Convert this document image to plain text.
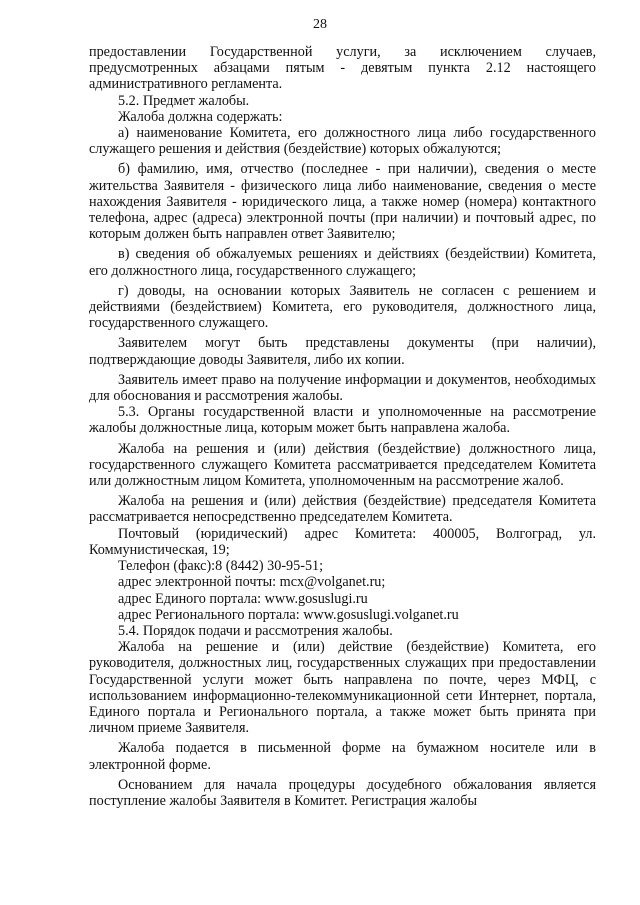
28

предоставлении Государственной услуги, за исключением случаев, предусмотренных абзацами пятым - девятым пункта 2.12 настоящего административного регламента.

5.2. Предмет жалобы.

Жалоба должна содержать:

а) наименование Комитета, его должностного лица либо государственного служащего решения и действия (бездействие) которых обжалуются;

б) фамилию, имя, отчество (последнее - при наличии), сведения о месте жительства Заявителя - физического лица либо наименование, сведения о месте нахождения Заявителя - юридического лица, а также номер (номера) контактного телефона, адрес (адреса) электронной почты (при наличии) и почтовый адрес, по которым должен быть направлен ответ Заявителю;

в) сведения об обжалуемых решениях и действиях (бездействии) Комитета, его должностного лица, государственного служащего;

г) доводы, на основании которых Заявитель не согласен с решением и действиями (бездействием) Комитета, его руководителя, должностного лица, государственного служащего.

Заявителем могут быть представлены документы (при наличии), подтверждающие доводы Заявителя, либо их копии.

Заявитель имеет право на получение информации и документов, необходимых для обоснования и рассмотрения жалобы.

5.3. Органы государственной власти и уполномоченные на рассмотрение жалобы должностные лица, которым может быть направлена жалоба.

Жалоба на решения и (или) действия (бездействие) должностного лица, государственного служащего Комитета рассматривается председателем Комитета или должностным лицом Комитета, уполномоченным на рассмотрение жалоб.

Жалоба на решения и (или) действия (бездействие) председателя Комитета рассматривается непосредственно председателем Комитета.

Почтовый (юридический) адрес Комитета: 400005, Волгоград, ул. Коммунистическая, 19;

Телефон (факс):8 (8442) 30-95-51;

адрес электронной почты: mcx@volganet.ru;

адрес Единого портала: www.gosuslugi.ru

адрес Регионального портала: www.gosuslugi.volganet.ru

5.4. Порядок подачи и рассмотрения жалобы.

Жалоба на решение и (или) действие (бездействие) Комитета, его руководителя, должностных лиц, государственных служащих при предоставлении Государственной услуги может быть направлена по почте, через МФЦ, с использованием информационно-телекоммуникационной сети Интернет, портала, Единого портала и Регионального портала, а также может быть принята при личном приеме Заявителя.

Жалоба подается в письменной форме на бумажном носителе или в электронной форме.

Основанием для начала процедуры досудебного обжалования является поступление жалобы Заявителя в Комитет. Регистрация жалобы
